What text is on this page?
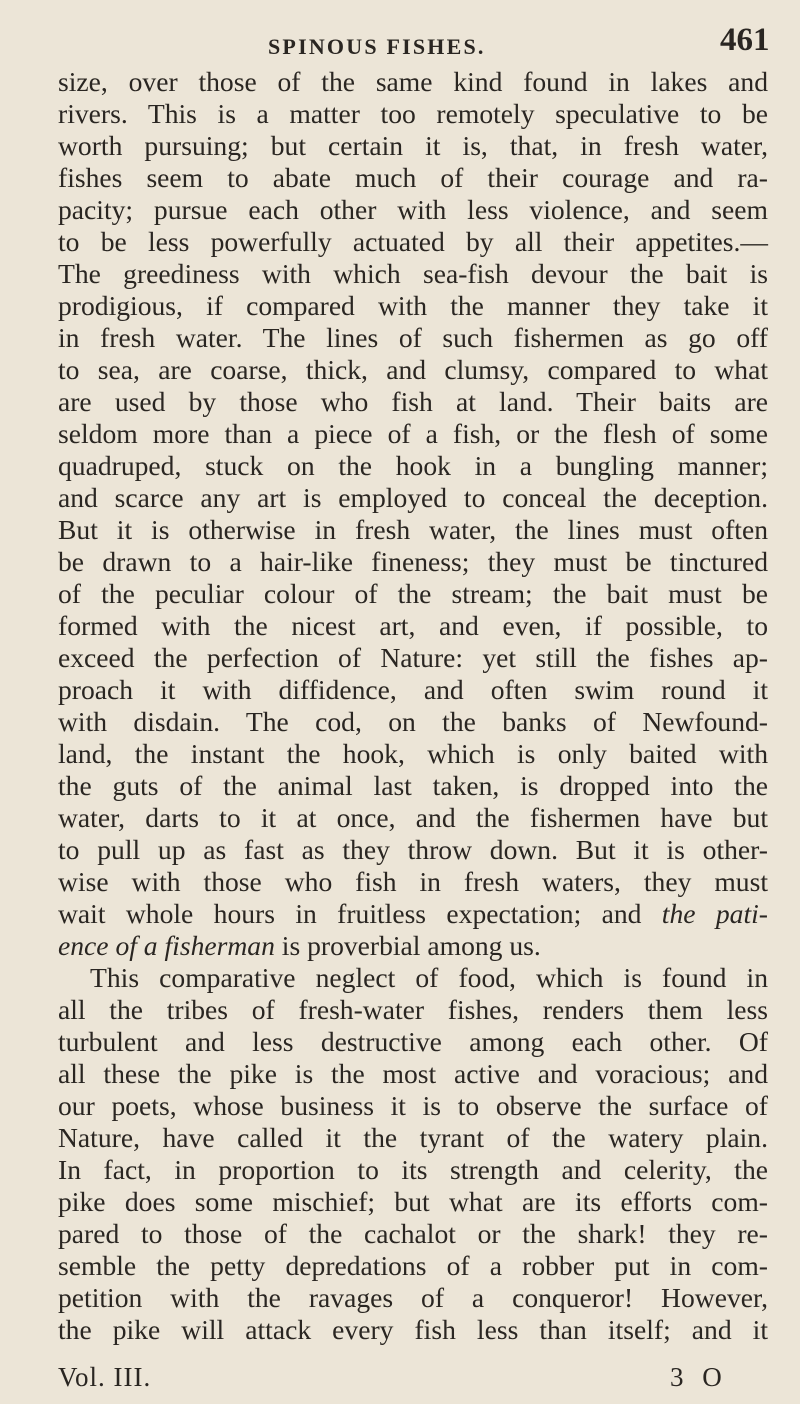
SPINOUS FISHES.	461
size, over those of the same kind found in lakes and
rivers. This is a matter too remotely speculative to be
worth pursuing; but certain it is, that, in fresh water,
fishes seem to abate much of their courage and ra-
pacity; pursue each other with less violence, and seem
to be less powerfully actuated by all their appetites.—
The greediness with which sea-fish devour the bait is
prodigious, if compared with the manner they take it
in fresh water. The lines of such fishermen as go off
to sea, are coarse, thick, and clumsy, compared to what
are used by those who fish at land. Their baits are
seldom more than a piece of a fish, or the flesh of some
quadruped, stuck on the hook in a bungling manner;
and scarce any art is employed to conceal the deception.
But it is otherwise in fresh water, the lines must often
be drawn to a hair-like fineness; they must be tinctured
of the peculiar colour of the stream; the bait must be
formed with the nicest art, and even, if possible, to
exceed the perfection of Nature: yet still the fishes ap-
proach it with diffidence, and often swim round it
with disdain. The cod, on the banks of Newfound-
land, the instant the hook, which is only baited with
the guts of the animal last taken, is dropped into the
water, darts to it at once, and the fishermen have but
to pull up as fast as they throw down. But it is other-
wise with those who fish in fresh waters, they must
wait whole hours in fruitless expectation; and the pati-
ence of a fisherman is proverbial among us.
This comparative neglect of food, which is found in
all the tribes of fresh-water fishes, renders them less
turbulent and less destructive among each other. Of
all these the pike is the most active and voracious; and
our poets, whose business it is to observe the surface of
Nature, have called it the tyrant of the watery plain.
In fact, in proportion to its strength and celerity, the
pike does some mischief; but what are its efforts com-
pared to those of the cachalot or the shark! they re-
semble the petty depredations of a robber put in com-
petition with the ravages of a conqueror! However,
the pike will attack every fish less than itself; and it
Vol. III.	3 O
